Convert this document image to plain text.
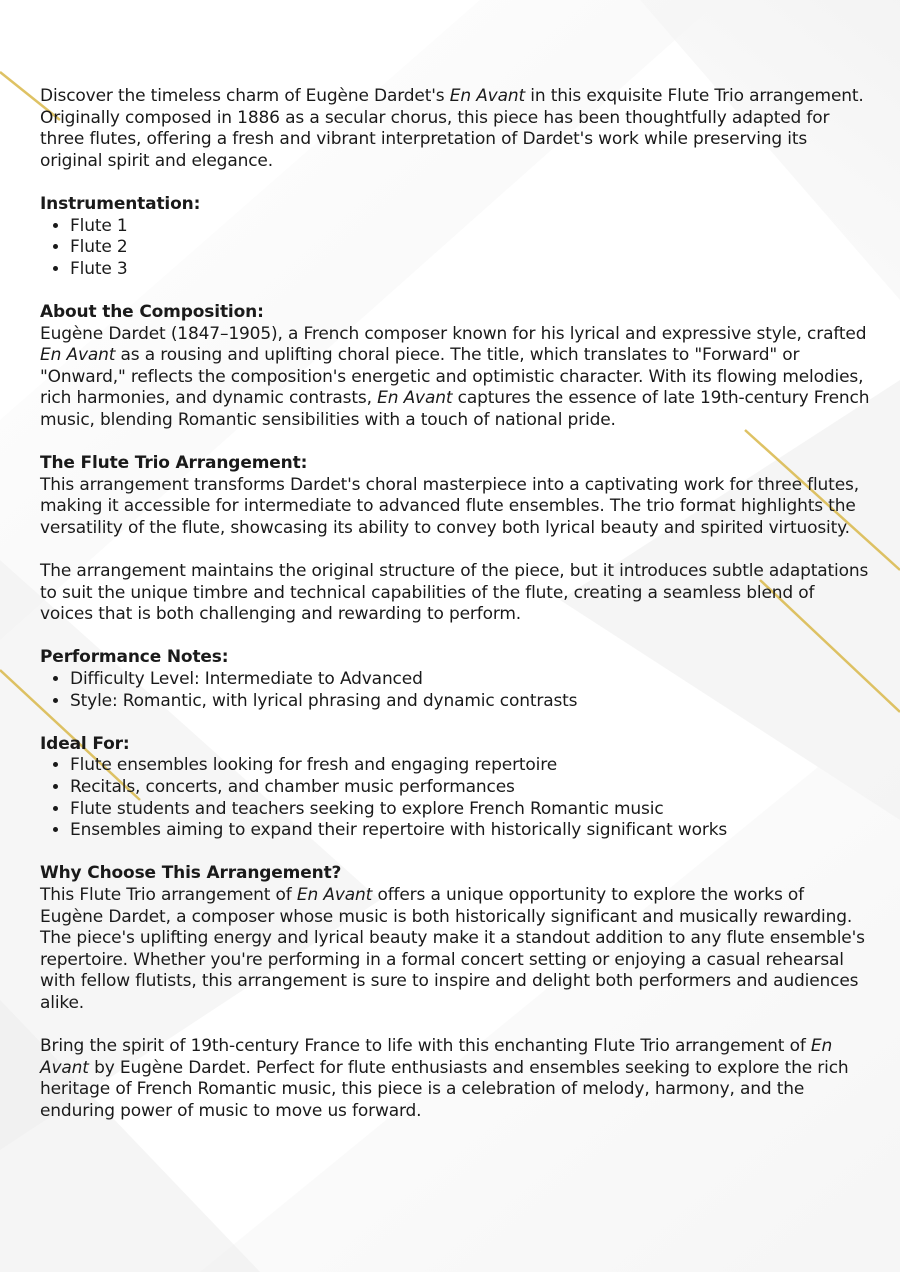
Discover the timeless charm of Eugène Dardet's En Avant in this exquisite Flute Trio arrangement. Originally composed in 1886 as a secular chorus, this piece has been thoughtfully adapted for three flutes, offering a fresh and vibrant interpretation of Dardet's work while preserving its original spirit and elegance.

Instrumentation:
• Flute 1
• Flute 2
• Flute 3
About the Composition:

Eugène Dardet (1847–1905), a French composer known for his lyrical and expressive style, crafted En Avant as a rousing and uplifting choral piece. The title, which translates to "Forward" or "Onward," reflects the composition's energetic and optimistic character. With its flowing melodies, rich harmonies, and dynamic contrasts, En Avant captures the essence of late 19th-century French music, blending Romantic sensibilities with a touch of national pride.

The Flute Trio Arrangement:

This arrangement transforms Dardet's choral masterpiece into a captivating work for three flutes, making it accessible for intermediate to advanced flute ensembles. The trio format highlights the versatility of the flute, showcasing its ability to convey both lyrical beauty and spirited virtuosity.

The arrangement maintains the original structure of the piece, but it introduces subtle adaptations to suit the unique timbre and technical capabilities of the flute, creating a seamless blend of voices that is both challenging and rewarding to perform.

Performance Notes:
• Difficulty Level: Intermediate to Advanced
• Style: Romantic, with lyrical phrasing and dynamic contrasts
Ideal For:
• Flute ensembles looking for fresh and engaging repertoire
• Recitals, concerts, and chamber music performances
• Flute students and teachers seeking to explore French Romantic music
• Ensembles aiming to expand their repertoire with historically significant works
Why Choose This Arrangement?

This Flute Trio arrangement of En Avant offers a unique opportunity to explore the works of Eugène Dardet, a composer whose music is both historically significant and musically rewarding. The piece's uplifting energy and lyrical beauty make it a standout addition to any flute ensemble's repertoire. Whether you're performing in a formal concert setting or enjoying a casual rehearsal with fellow flutists, this arrangement is sure to inspire and delight both performers and audiences alike.

Bring the spirit of 19th-century France to life with this enchanting Flute Trio arrangement of En Avant by Eugène Dardet. Perfect for flute enthusiasts and ensembles seeking to explore the rich heritage of French Romantic music, this piece is a celebration of melody, harmony, and the enduring power of music to move us forward.
